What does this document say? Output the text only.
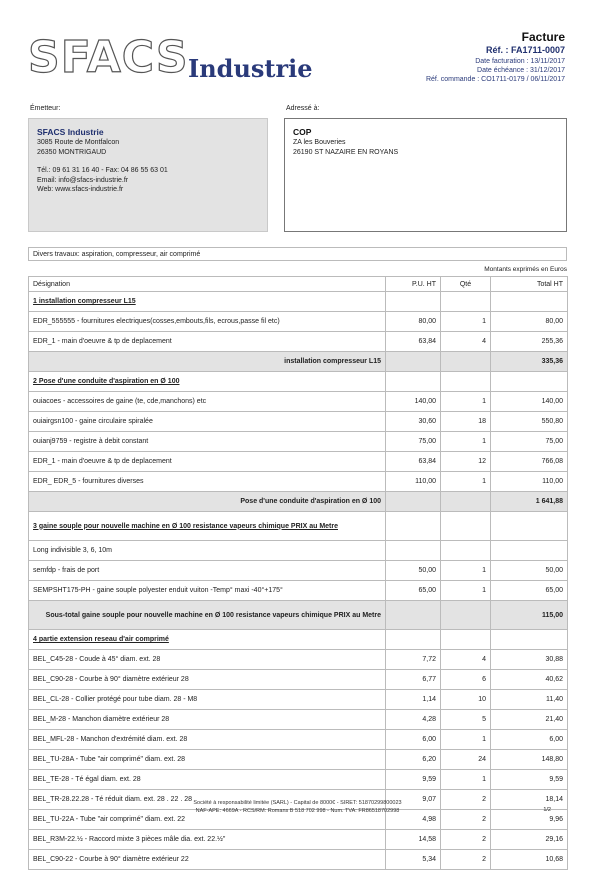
SFACS Industrie
Facture
Réf. : FA1711-0007
Date facturation : 13/11/2017
Date échéance : 31/12/2017
Réf. commande : CO1711-0179 / 06/11/2017
Émetteur:	Adressé à:
SFACS Industrie
3085 Route de Montfalcon
26350 MONTRIGAUD
Tél.: 09 61 31 16 40 - Fax: 04 86 55 63 01
Email: info@sfacs-industrie.fr
Web: www.sfacs-industrie.fr
COP
ZA les Bouveries
26190 ST NAZAIRE EN ROYANS
Divers travaux: aspiration, compresseur, air comprimé
Montants exprimés en Euros
Désignation	P.U. HT	Qté	Total HT
1 installation compresseur L15			
EDR_555555 - fournitures electriques(cosses,embouts,fils, ecrous,passe fil etc)	80,00	1	80,00
EDR_1 - main d'oeuvre & tp de deplacement	63,84	4	255,36
installation compresseur L15			335,36
2 Pose d'une conduite d'aspiration en Ø 100			
ouiacoes - accessoires de gaine (te, cde,manchons) etc	140,00	1	140,00
ouiairgsn100 - gaine circulaire spiralée	30,60	18	550,80
ouianj9759 - registre à debit constant	75,00	1	75,00
EDR_1 - main d'oeuvre & tp de deplacement	63,84	12	766,08
EDR_ EDR_5 - fournitures diverses	110,00	1	110,00
Pose d'une conduite d'aspiration en Ø 100			1 641,88
3 gaine souple pour nouvelle machine en Ø 100 resistance vapeurs chimique PRIX au Metre			
Long indivisible 3, 6, 10m			
semfdp - frais de port	50,00	1	50,00
SEMPSHT175-PH - gaine souple polyester enduit vuiton -Temp° maxi -40°+175°	65,00	1	65,00
Sous-total gaine souple pour nouvelle machine en Ø 100 resistance vapeurs chimique PRIX au Metre			115,00
4 partie extension reseau d'air comprimé			
BEL_C45-28 - Coude à 45° diam. ext. 28	7,72	4	30,88
BEL_C90-28 - Courbe à 90° diamètre extérieur 28	6,77	6	40,62
BEL_CL-28 - Collier protégé pour tube diam. 28 - M8	1,14	10	11,40
BEL_M-28 - Manchon diamètre extérieur 28	4,28	5	21,40
BEL_MFL-28 - Manchon d'extrémité diam. ext. 28	6,00	1	6,00
BEL_TU-28A - Tube "air comprimé" diam. ext. 28	6,20	24	148,80
BEL_TE-28 - Té égal diam. ext. 28	9,59	1	9,59
BEL_TR-28.22.28 - Té réduit diam. ext. 28 . 22 . 28	9,07	2	18,14
BEL_TU-22A - Tube "air comprimé" diam. ext. 22	4,98	2	9,96
BEL_R3M-22.½ - Raccord mixte 3 pièces mâle dia. ext. 22.½"	14,58	2	29,16
BEL_C90-22 - Courbe à 90° diamètre extérieur 22	5,34	2	10,68
Société à responsabilité limitée (SARL) - Capital de 8000€ - SIRET: 51870299800023
NAF-APE: 4669A - RCS/RM: Romans B 518 702 998 - Num. TVA: FR86518702998	1/2
